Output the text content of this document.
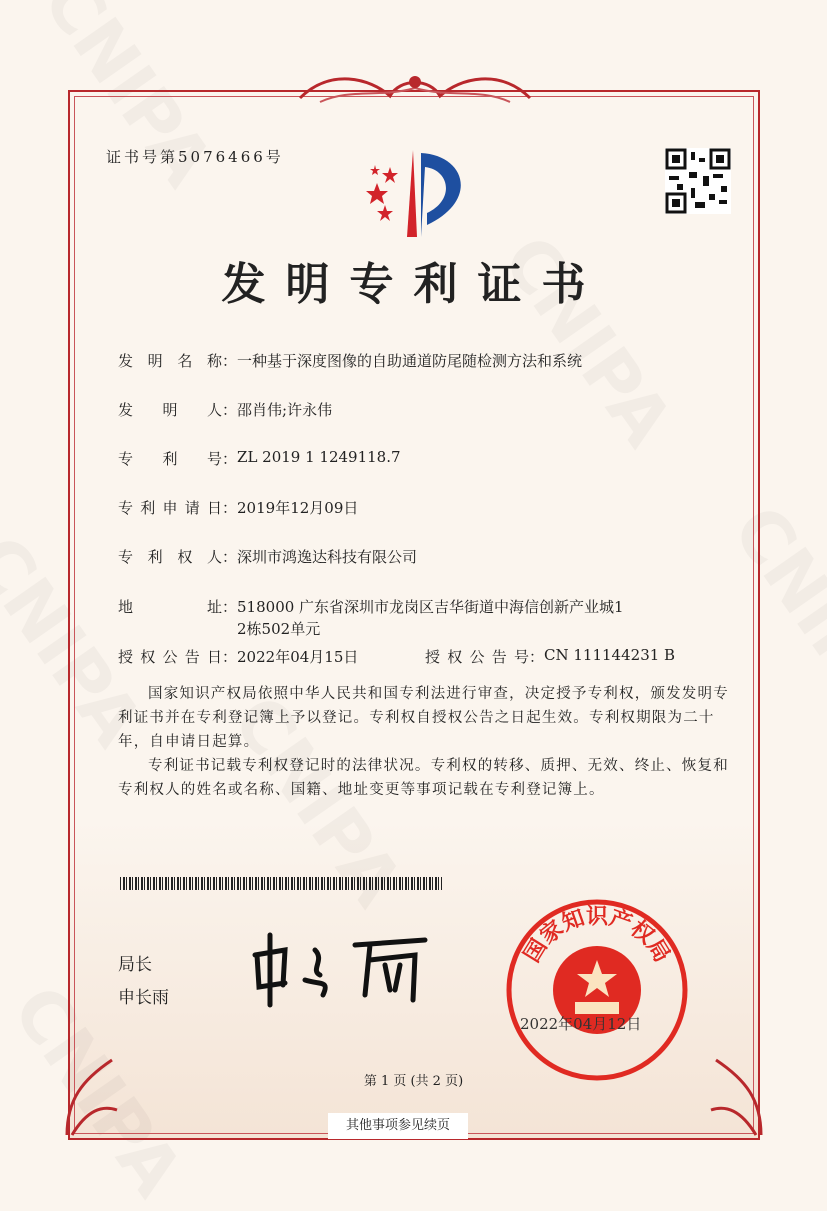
证书号第5076466号
发明专利证书
发 明 名 称 ： 一种基于深度图像的自助通道防尾随检测方法和系统
发 明 人 ： 邵肖伟;许永伟
专 利 号 ： ZL 2019 1 1249118.7
专 利 申 请 日 ： 2019年12月09日
专 利 权 人 ： 深圳市鸿逸达科技有限公司
地	址 ： 518000 广东省深圳市龙岗区吉华街道中海信创新产业城1
2栋502单元
授 权 公 告 日 ： 2022年04月15日	授 权 公 告 号 ： CN 111144231 B
国家知识产权局依照中华人民共和国专利法进行审查，决定授予专利权，颁发发明专利证书并在专利登记簿上予以登记。专利权自授权公告之日起生效。专利权期限为二十年，自申请日起算。
专利证书记载专利权登记时的法律状况。专利权的转移、质押、无效、终止、恢复和专利权人的姓名或名称、国籍、地址变更等事项记载在专利登记簿上。
局长
申长雨
国家知识产权局
2022年04月12日
第 1 页 (共 2 页)
其他事项参见续页
